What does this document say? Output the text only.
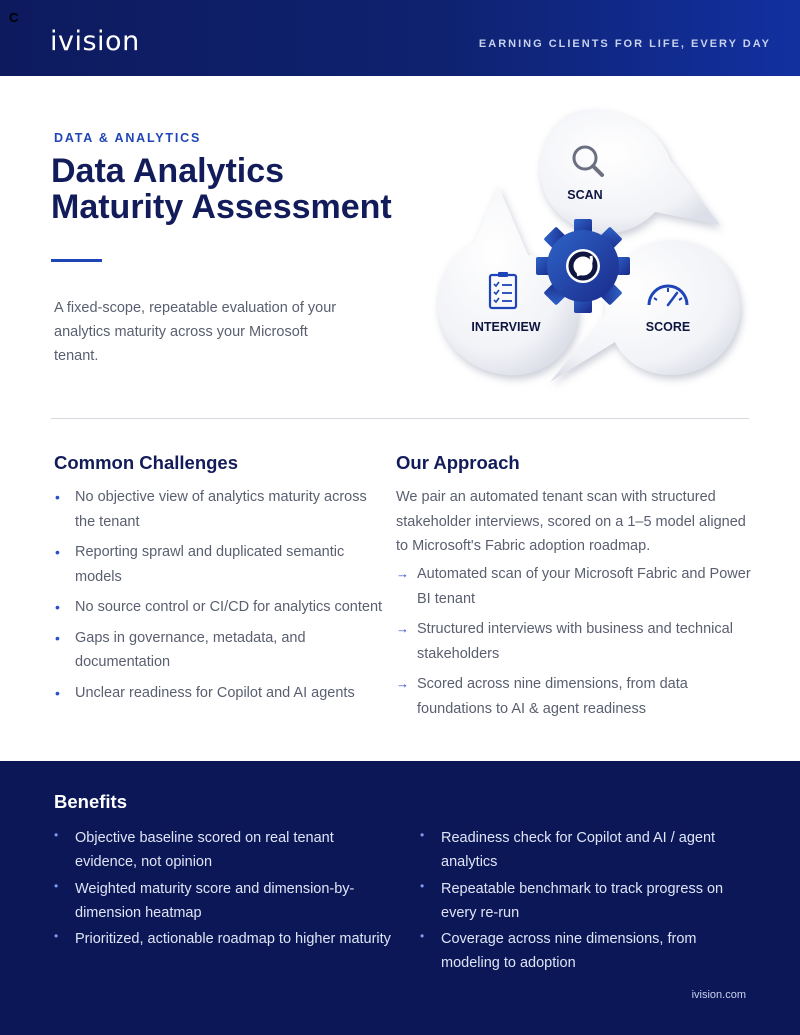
C
ivision	EARNING CLIENTS FOR LIFE, EVERY DAY
DATA & ANALYTICS
Data Analytics
Maturity Assessment
A fixed-scope, repeatable evaluation of your analytics maturity across your Microsoft tenant.
SCAN
INTERVIEW	SCORE
Common Challenges
• No objective view of analytics maturity across the tenant
• Reporting sprawl and duplicated semantic models
• No source control or CI/CD for analytics content
• Gaps in governance, metadata, and documentation
• Unclear readiness for Copilot and AI agents
Our Approach
We pair an automated tenant scan with structured stakeholder interviews, scored on a 1–5 model aligned to Microsoft's Fabric adoption roadmap.
→ Automated scan of your Microsoft Fabric and Power BI tenant
→ Structured interviews with business and technical stakeholders
→ Scored across nine dimensions, from data foundations to AI & agent readiness
Benefits
• Objective baseline scored on real tenant evidence, not opinion
• Weighted maturity score and dimension-by-dimension heatmap
• Prioritized, actionable roadmap to higher maturity
• Readiness check for Copilot and AI / agent analytics
• Repeatable benchmark to track progress on every re-run
• Coverage across nine dimensions, from modeling to adoption
ivision.com
